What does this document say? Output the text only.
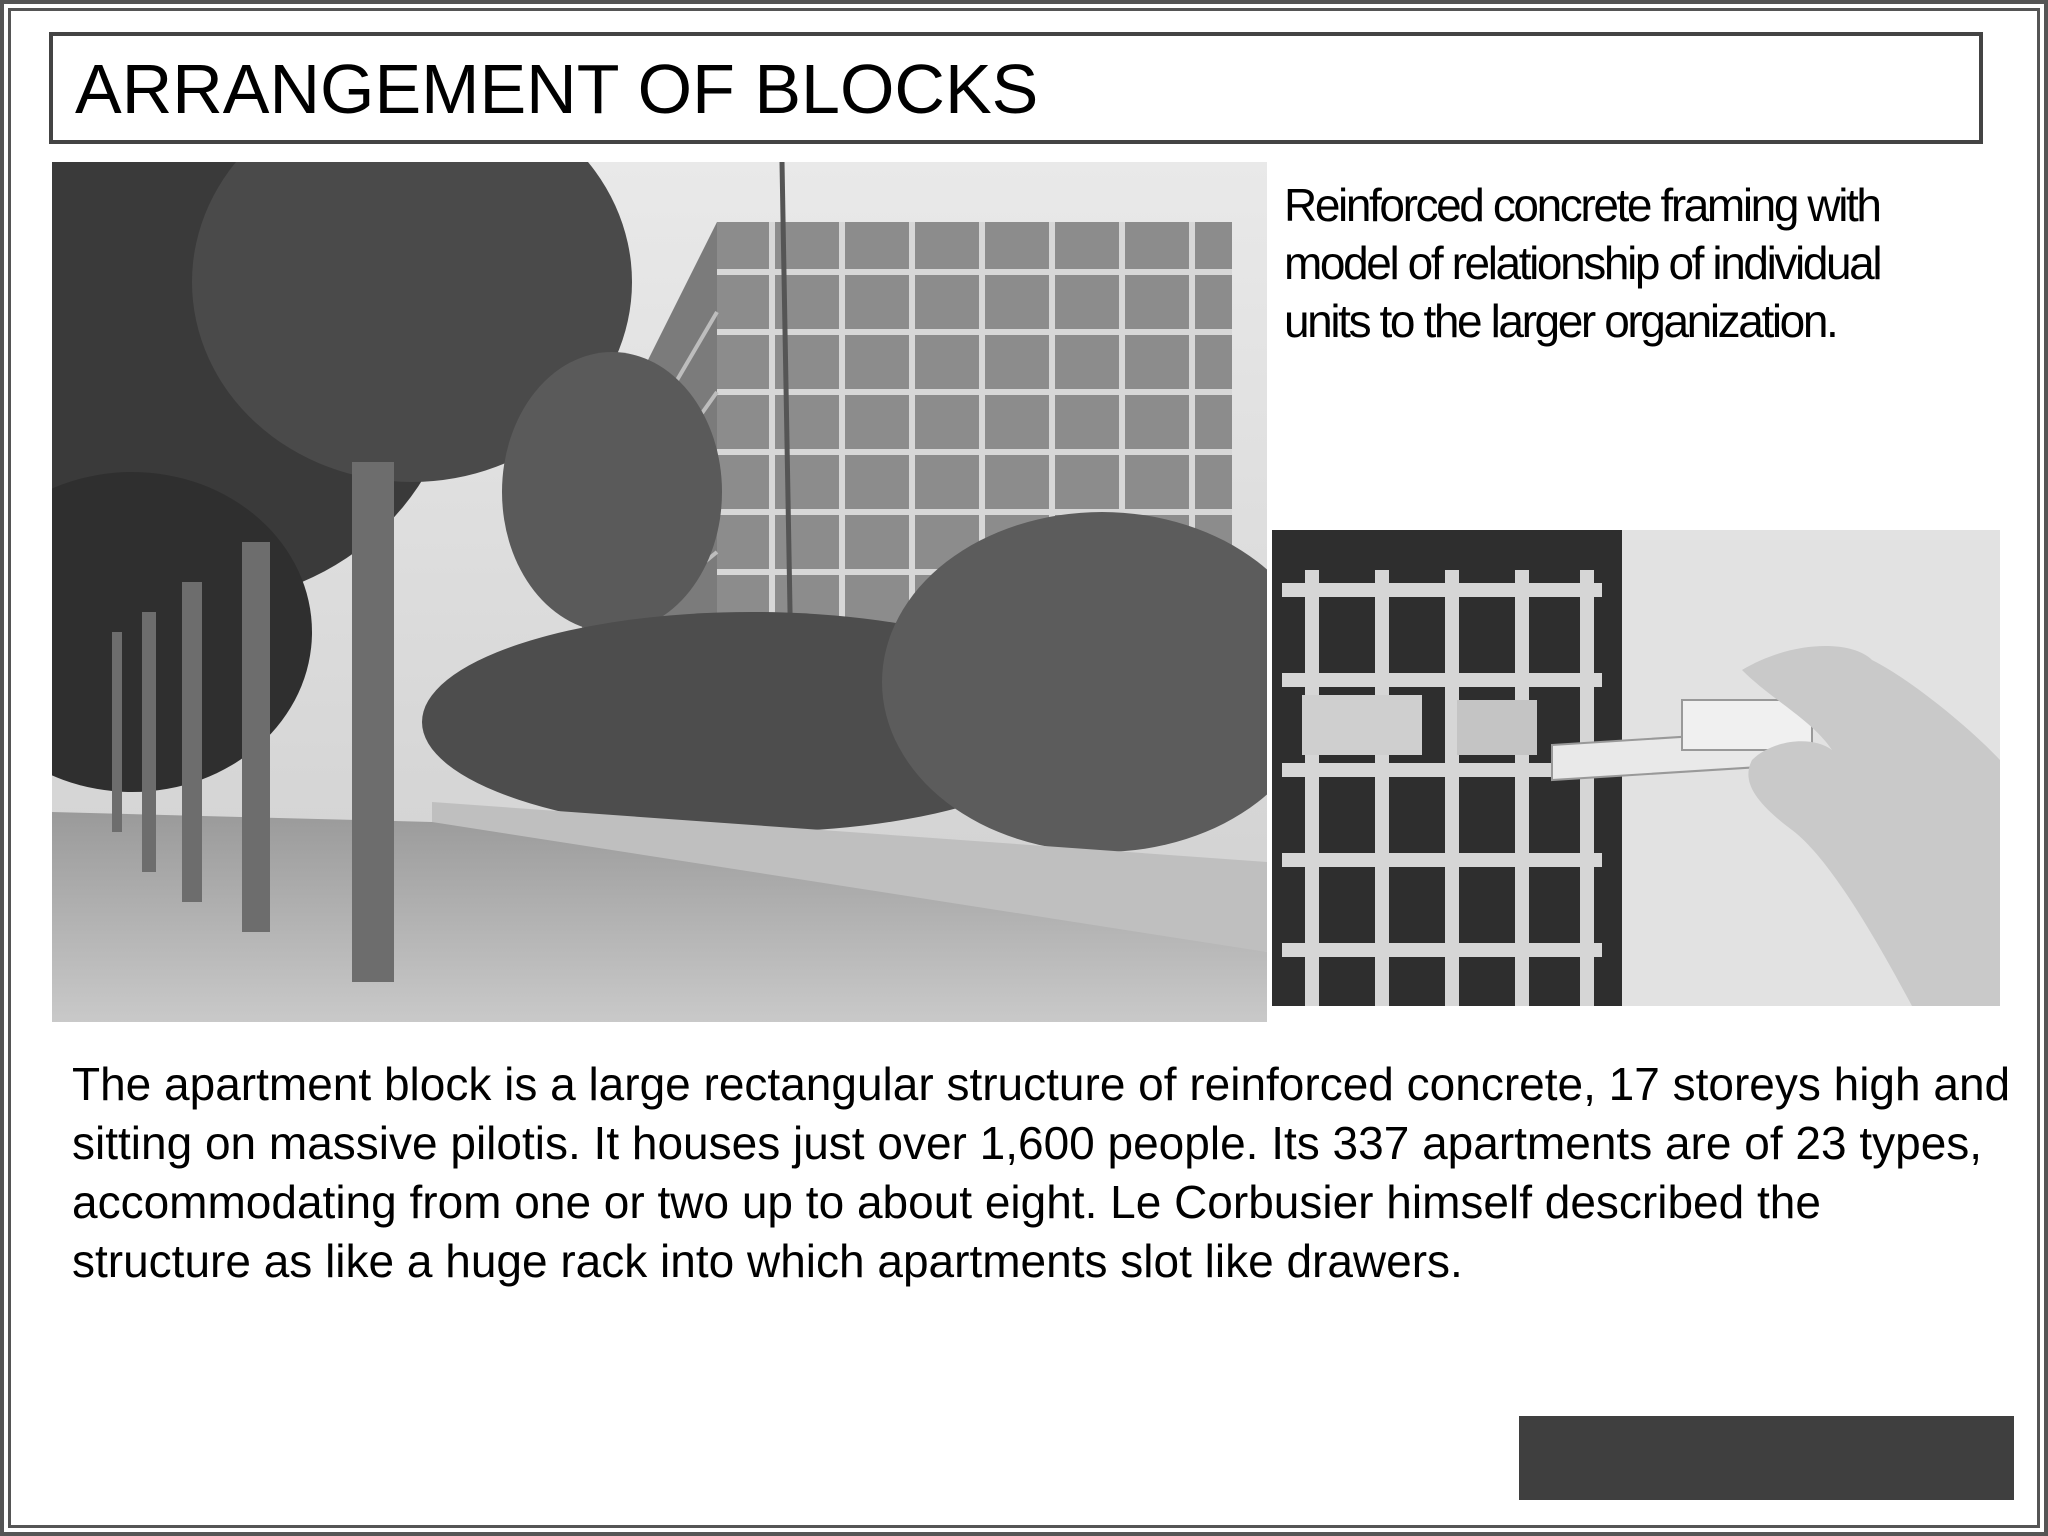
ARRANGEMENT OF BLOCKS
Reinforced concrete framing with model of relationship of individual units to the larger organization.
The apartment block is a large rectangular structure of reinforced concrete, 17 storeys high and sitting on massive pilotis. It houses just over 1,600 people. Its 337 apartments are of 23 types, accommodating from one or two up to about eight. Le Corbusier himself described the structure as like a huge rack into which apartments slot like drawers.
